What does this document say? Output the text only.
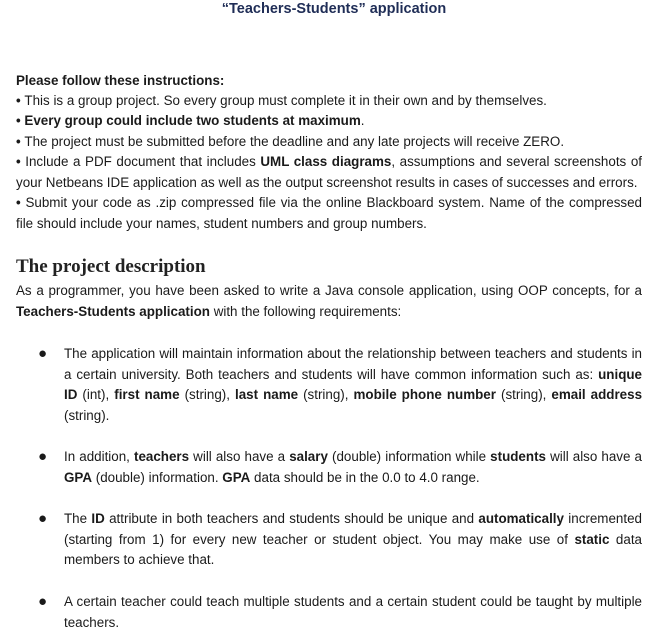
“Teachers-Students” application
Please follow these instructions:
• This is a group project. So every group must complete it in their own and by themselves.
• Every group could include two students at maximum.
• The project must be submitted before the deadline and any late projects will receive ZERO.
• Include a PDF document that includes UML class diagrams, assumptions and several screenshots of your Netbeans IDE application as well as the output screenshot results in cases of successes and errors.
• Submit your code as .zip compressed file via the online Blackboard system. Name of the compressed file should include your names, student numbers and group numbers.
The project description
As a programmer, you have been asked to write a Java console application, using OOP concepts, for a Teachers-Students application with the following requirements:
● The application will maintain information about the relationship between teachers and students in a certain university. Both teachers and students will have common information such as: unique ID (int), first name (string), last name (string), mobile phone number (string), email address (string).
● In addition, teachers will also have a salary (double) information while students will also have a GPA (double) information. GPA data should be in the 0.0 to 4.0 range.
● The ID attribute in both teachers and students should be unique and automatically incremented (starting from 1) for every new teacher or student object. You may make use of static data members to achieve that.
● A certain teacher could teach multiple students and a certain student could be taught by multiple teachers.
